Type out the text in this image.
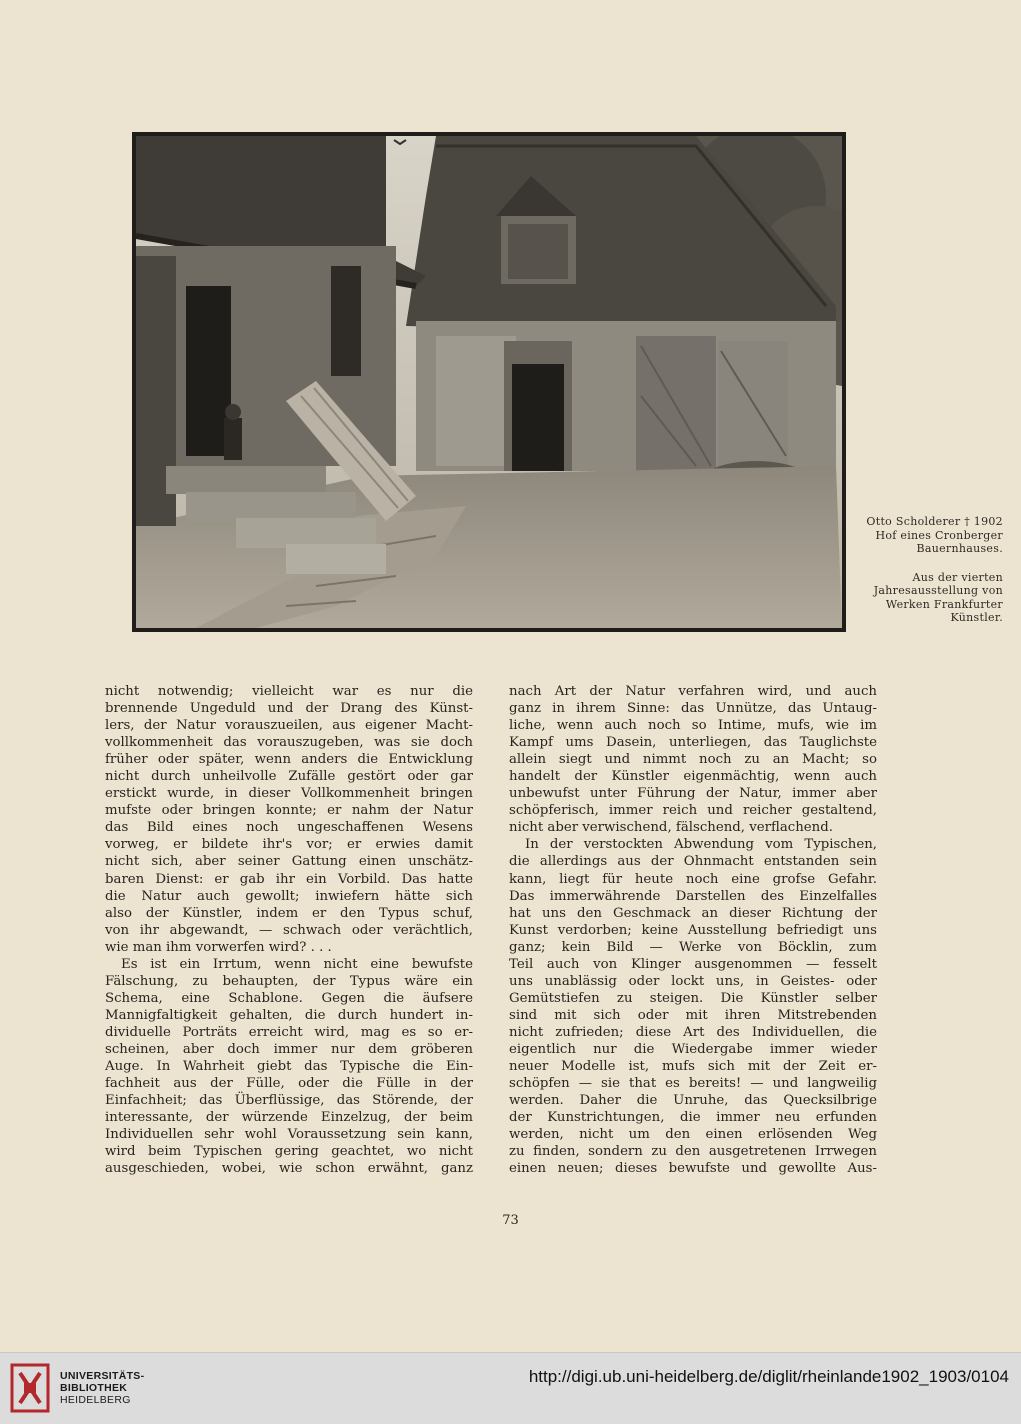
Otto Scholderer † 1902

Hof eines Cronberger

Bauernhauses.

Aus der vierten

Jahresausstellung von

Werken Frankfurter

Künstler.

nicht notwendig; vielleicht war es nur die
brennende Ungeduld und der Drang des Künst-
lers, der Natur vorauszueilen, aus eigener Macht-
vollkommenheit das vorauszugeben, was sie doch
früher oder später, wenn anders die Entwicklung
nicht durch unheilvolle Zufälle gestört oder gar
erstickt wurde, in dieser Vollkommenheit bringen
mufste oder bringen konnte; er nahm der Natur
das Bild eines noch ungeschaffenen Wesens
vorweg, er bildete ihr's vor; er erwies damit
nicht sich, aber seiner Gattung einen unschätz-
baren Dienst: er gab ihr ein Vorbild. Das hatte
die Natur auch gewollt; inwiefern hätte sich
also der Künstler, indem er den Typus schuf,
von ihr abgewandt, — schwach oder verächtlich,
wie man ihm vorwerfen wird? . . .
Es ist ein Irrtum, wenn nicht eine bewufste
Fälschung, zu behaupten, der Typus wäre ein
Schema, eine Schablone. Gegen die äufsere
Mannigfaltigkeit gehalten, die durch hundert in-
dividuelle Porträts erreicht wird, mag es so er-
scheinen, aber doch immer nur dem gröberen
Auge. In Wahrheit giebt das Typische die Ein-
fachheit aus der Fülle, oder die Fülle in der
Einfachheit; das Überflüssige, das Störende, der
interessante, der würzende Einzelzug, der beim
Individuellen sehr wohl Voraussetzung sein kann,
wird beim Typischen gering geachtet, wo nicht
ausgeschieden, wobei, wie schon erwähnt, ganz
nach Art der Natur verfahren wird, und auch
ganz in ihrem Sinne: das Unnütze, das Untaug-
liche, wenn auch noch so Intime, mufs, wie im
Kampf ums Dasein, unterliegen, das Tauglichste
allein siegt und nimmt noch zu an Macht; so
handelt der Künstler eigenmächtig, wenn auch
unbewufst unter Führung der Natur, immer aber
schöpferisch, immer reich und reicher gestaltend,
nicht aber verwischend, fälschend, verflachend.
In der verstockten Abwendung vom Typischen,
die allerdings aus der Ohnmacht entstanden sein
kann, liegt für heute noch eine grofse Gefahr.
Das immerwährende Darstellen des Einzelfalles
hat uns den Geschmack an dieser Richtung der
Kunst verdorben; keine Ausstellung befriedigt uns
ganz; kein Bild — Werke von Böcklin, zum
Teil auch von Klinger ausgenommen — fesselt
uns unablässig oder lockt uns, in Geistes- oder
Gemütstiefen zu steigen. Die Künstler selber
sind mit sich oder mit ihren Mitstrebenden
nicht zufrieden; diese Art des Individuellen, die
eigentlich nur die Wiedergabe immer wieder
neuer Modelle ist, mufs sich mit der Zeit er-
schöpfen — sie that es bereits! — und langweilig
werden. Daher die Unruhe, das Quecksilbrige
der Kunstrichtungen, die immer neu erfunden
werden, nicht um den einen erlösenden Weg
zu finden, sondern zu den ausgetretenen Irrwegen
einen neuen; dieses bewufste und gewollte Aus-
73
UNIVERSITÄTS-
BIBLIOTHEK
HEIDELBERG
http://digi.ub.uni-heidelberg.de/diglit/rheinlande1902_1903/0104
